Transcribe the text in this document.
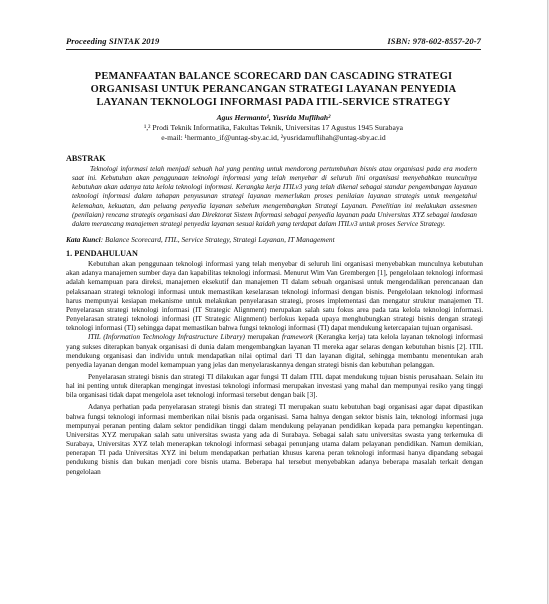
Proceeding SINTAK 2019	ISBN: 978-602-8557-20-7
PEMANFAATAN BALANCE SCORECARD DAN CASCADING STRATEGI
ORGANISASI UNTUK PERANCANGAN STRATEGI LAYANAN PENYEDIA
LAYANAN TEKNOLOGI INFORMASI PADA ITIL-SERVICE STRATEGY
Agus Hermanto¹, Yusrida Muflihah²
¹,² Prodi Teknik Informatika, Fakultas Teknik, Universitas 17 Agustus 1945 Surabaya
e-mail: ¹hermanto_if@untag-sby.ac.id, ²yusridamuflihah@untag-sby.ac.id
ABSTRAK

Teknologi informasi telah menjadi sebuah hal yang penting untuk mendorong pertumbuhan bisnis atau organisasi pada era modern saat ini. Kebutuhan akan penggunaan teknologi informasi yang telah menyebar di seluruh lini organisasi menyebabkan munculnya kebutuhan akan adanya tata kelola teknologi informasi. Kerangka kerja ITILv3 yang telah dikenal sebagai standar pengembangan layanan teknologi informasi dalam tahapan penyusunan strategi layanan memerlukan proses penilaian layanan strategis untuk mengetahui kelemahan, kekuatan, dan peluang penyedia layanan sebelum mengembangkan Strategi Layanan. Penelitian ini melakukan assesmen (penilaian) rencana strategis organisasi dan Direktorat Sistem Informasi sebagai penyedia layanan pada Universitas XYZ sebagai landasan dalam merancang manajemen strategi penyedia layanan sesuai kaidah yang terdapat dalam ITILv3 untuk proses Service Strategy.

Kata Kunci: Balance Scorecard, ITIL, Service Strategy, Strategi Layanan, IT Management
1. PENDAHULUAN

Kebutuhan akan penggunaan teknologi informasi yang telah menyebar di seluruh lini organisasi menyebabkan munculnya kebutuhan akan adanya manajemen sumber daya dan kapabilitas teknologi informasi. Menurut Wim Van Grembergen [1], pengelolaan teknologi informasi adalah kemampuan para direksi, manajemen eksekutif dan manajemen TI dalam sebuah organisasi untuk mengendalikan perencanaan dan pelaksanaan strategi teknologi informasi untuk memastikan keselarasan teknologi informasi dengan bisnis. Pengelolaan teknologi informasi harus mempunyai kesiapan mekanisme untuk melakukan penyelarasan strategi, proses implementasi dan mengatur struktur manajemen TI. Penyelarasan strategi teknologi informasi (IT Strategic Alignment) merupakan salah satu fokus area pada tata kelola teknologi informasi. Penyelarasan strategi teknologi informasi (IT Strategic Alignment) berfokus kepada upaya menghubungkan strategi bisnis dengan strategi teknologi informasi (TI) sehingga dapat memastikan bahwa fungsi teknologi informasi (TI) dapat mendukung ketercapaian tujuan organisasi.

ITIL (Information Technology Infrastructure Library) merupakan framework (Kerangka kerja) tata kelola layanan teknologi informasi yang sukses diterapkan banyak organisasi di dunia dalam mengembangkan layanan TI mereka agar selaras dengan kebutuhan bisnis [2]. ITIL mendukung organisasi dan individu untuk mendapatkan nilai optimal dari TI dan layanan digital, sehingga membantu menentukan arah penyedia layanan dengan model kemampuan yang jelas dan menyelaraskannya dengan strategi bisnis dan kebutuhan pelanggan.

Penyelarasan strategi bisnis dan strategi TI dilakukan agar fungsi TI dalam ITIL dapat mendukung tujuan bisnis perusahaan. Selain itu hal ini penting untuk diterapkan mengingat investasi teknologi informasi merupakan investasi yang mahal dan mempunyai resiko yang tinggi bila organisasi tidak dapat mengelola aset teknologi informasi tersebut dengan baik [3].

Adanya perhatian pada penyelarasan strategi bisnis dan strategi TI merupakan suatu kebutuhan bagi organisasi agar dapat dipastikan bahwa fungsi teknologi informasi memberikan nilai bisnis pada organisasi. Sama halnya dengan sektor bisnis lain, teknologi informasi juga mempunyai peranan penting dalam sektor pendidikan tinggi dalam mendukung pelayanan pendidikan kepada para pemangku kepentingan. Universitas XYZ merupakan salah satu universitas swasta yang ada di Surabaya. Sebagai salah satu universitas swasta yang terkemuka di Surabaya, Universitas XYZ telah menerapkan teknologi informasi sebagai penunjang utama dalam pelayanan pendidikan. Namun demikian, penerapan TI pada Universitas XYZ ini belum mendapatkan perhatian khusus karena peran teknologi informasi hanya dipandang sebagai pendukung bisnis dan bukan menjadi core bisnis utama. Beberapa hal tersebut menyebabkan adanya beberapa masalah terkait dengan pengelolaan
